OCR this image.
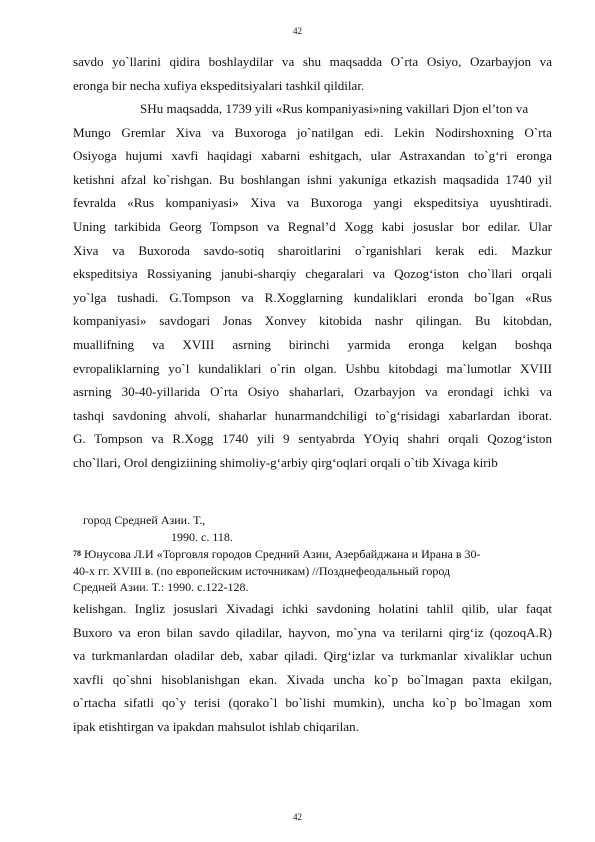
42
savdo yo`llarini qidira boshlaydilar va shu maqsadda O`rta Osiyo, Ozarbayjon va
eronga bir necha xufiya ekspeditsiyalari tashkil qildilar.
SHu maqsadda, 1739 yili «Rus kompaniyasi»ning vakillari Djon el’ton va
Mungo Gremlar Xiva va Buxoroga jo`natilgan edi. Lekin Nodirshoxning O`rta
Osiyoga hujumi xavfi haqidagi xabarni eshitgach, ular Astraxandan to`g‘ri eronga
ketishni afzal ko`rishgan. Bu boshlangan ishni yakuniga etkazish maqsadida 1740 yil
fevralda «Rus kompaniyasi» Xiva va Buxoroga yangi ekspeditsiya uyushtiradi.
Uning tarkibida Georg Tompson va Regnal’d Xogg kabi josuslar bor edilar. Ular
Xiva va Buxoroda savdo-sotiq sharoitlarini o`rganishlari kerak edi. Mazkur
ekspeditsiya Rossiyaning janubi-sharqiy chegaralari va Qozog‘iston cho`llari orqali
yo`lga tushadi. G.Tompson va R.Xogglarning kundaliklari eronda bo`lgan «Rus
kompaniyasi» savdogari Jonas Xonvey kitobida nashr qilingan. Bu kitobdan,
muallifning va XVIII asrning birinchi yarmida eronga kelgan boshqa
evropaliklarning yo`l kundaliklari o`rin olgan. Ushbu kitobdagi ma`lumotlar XVIII
asrning 30-40-yillarida O`rta Osiyo shaharlari, Ozarbayjon va erondagi ichki va
tashqi savdoning ahvoli, shaharlar hunarmandchiligi to`g‘risidagi xabarlardan iborat.
G. Tompson va R.Xogg 1740 yili 9 sentyabrda YOyiq shahri orqali Qozog‘iston
cho`llari, Orol dengiziining shimoliy-g‘arbiy qirg‘oqlari orqali o`tib Xivaga kirib
город Средней Азии. Т.,
1990. с. 118.
$^{78}$ Юнусова Л.И «Торговля городов Средний Азии, Азербайджана и Ирана в 30-
40-х гг. XVIII в. (по европейским источникам) //Позднефеодальный город
Средней Азии. Т.: 1990. с.122-128.
kelishgan. Ingliz josuslari Xivadagi ichki savdoning holatini tahlil qilib, ular faqat
Buxoro va eron bilan savdo qiladilar, hayvon, mo`yna va terilarni qirg‘iz (qozoqA.R)
va turkmanlardan oladilar deb, xabar qiladi. Qirg‘izlar va turkmanlar xivaliklar uchun
xavfli qo`shni hisoblanishgan ekan. Xivada uncha ko`p bo`lmagan paxta ekilgan,
o`rtacha sifatli qo`y terisi (qorako`l bo`lishi mumkin), uncha ko`p bo`lmagan xom
ipak etishtirgan va ipakdan mahsulot ishlab chiqarilan.
42
